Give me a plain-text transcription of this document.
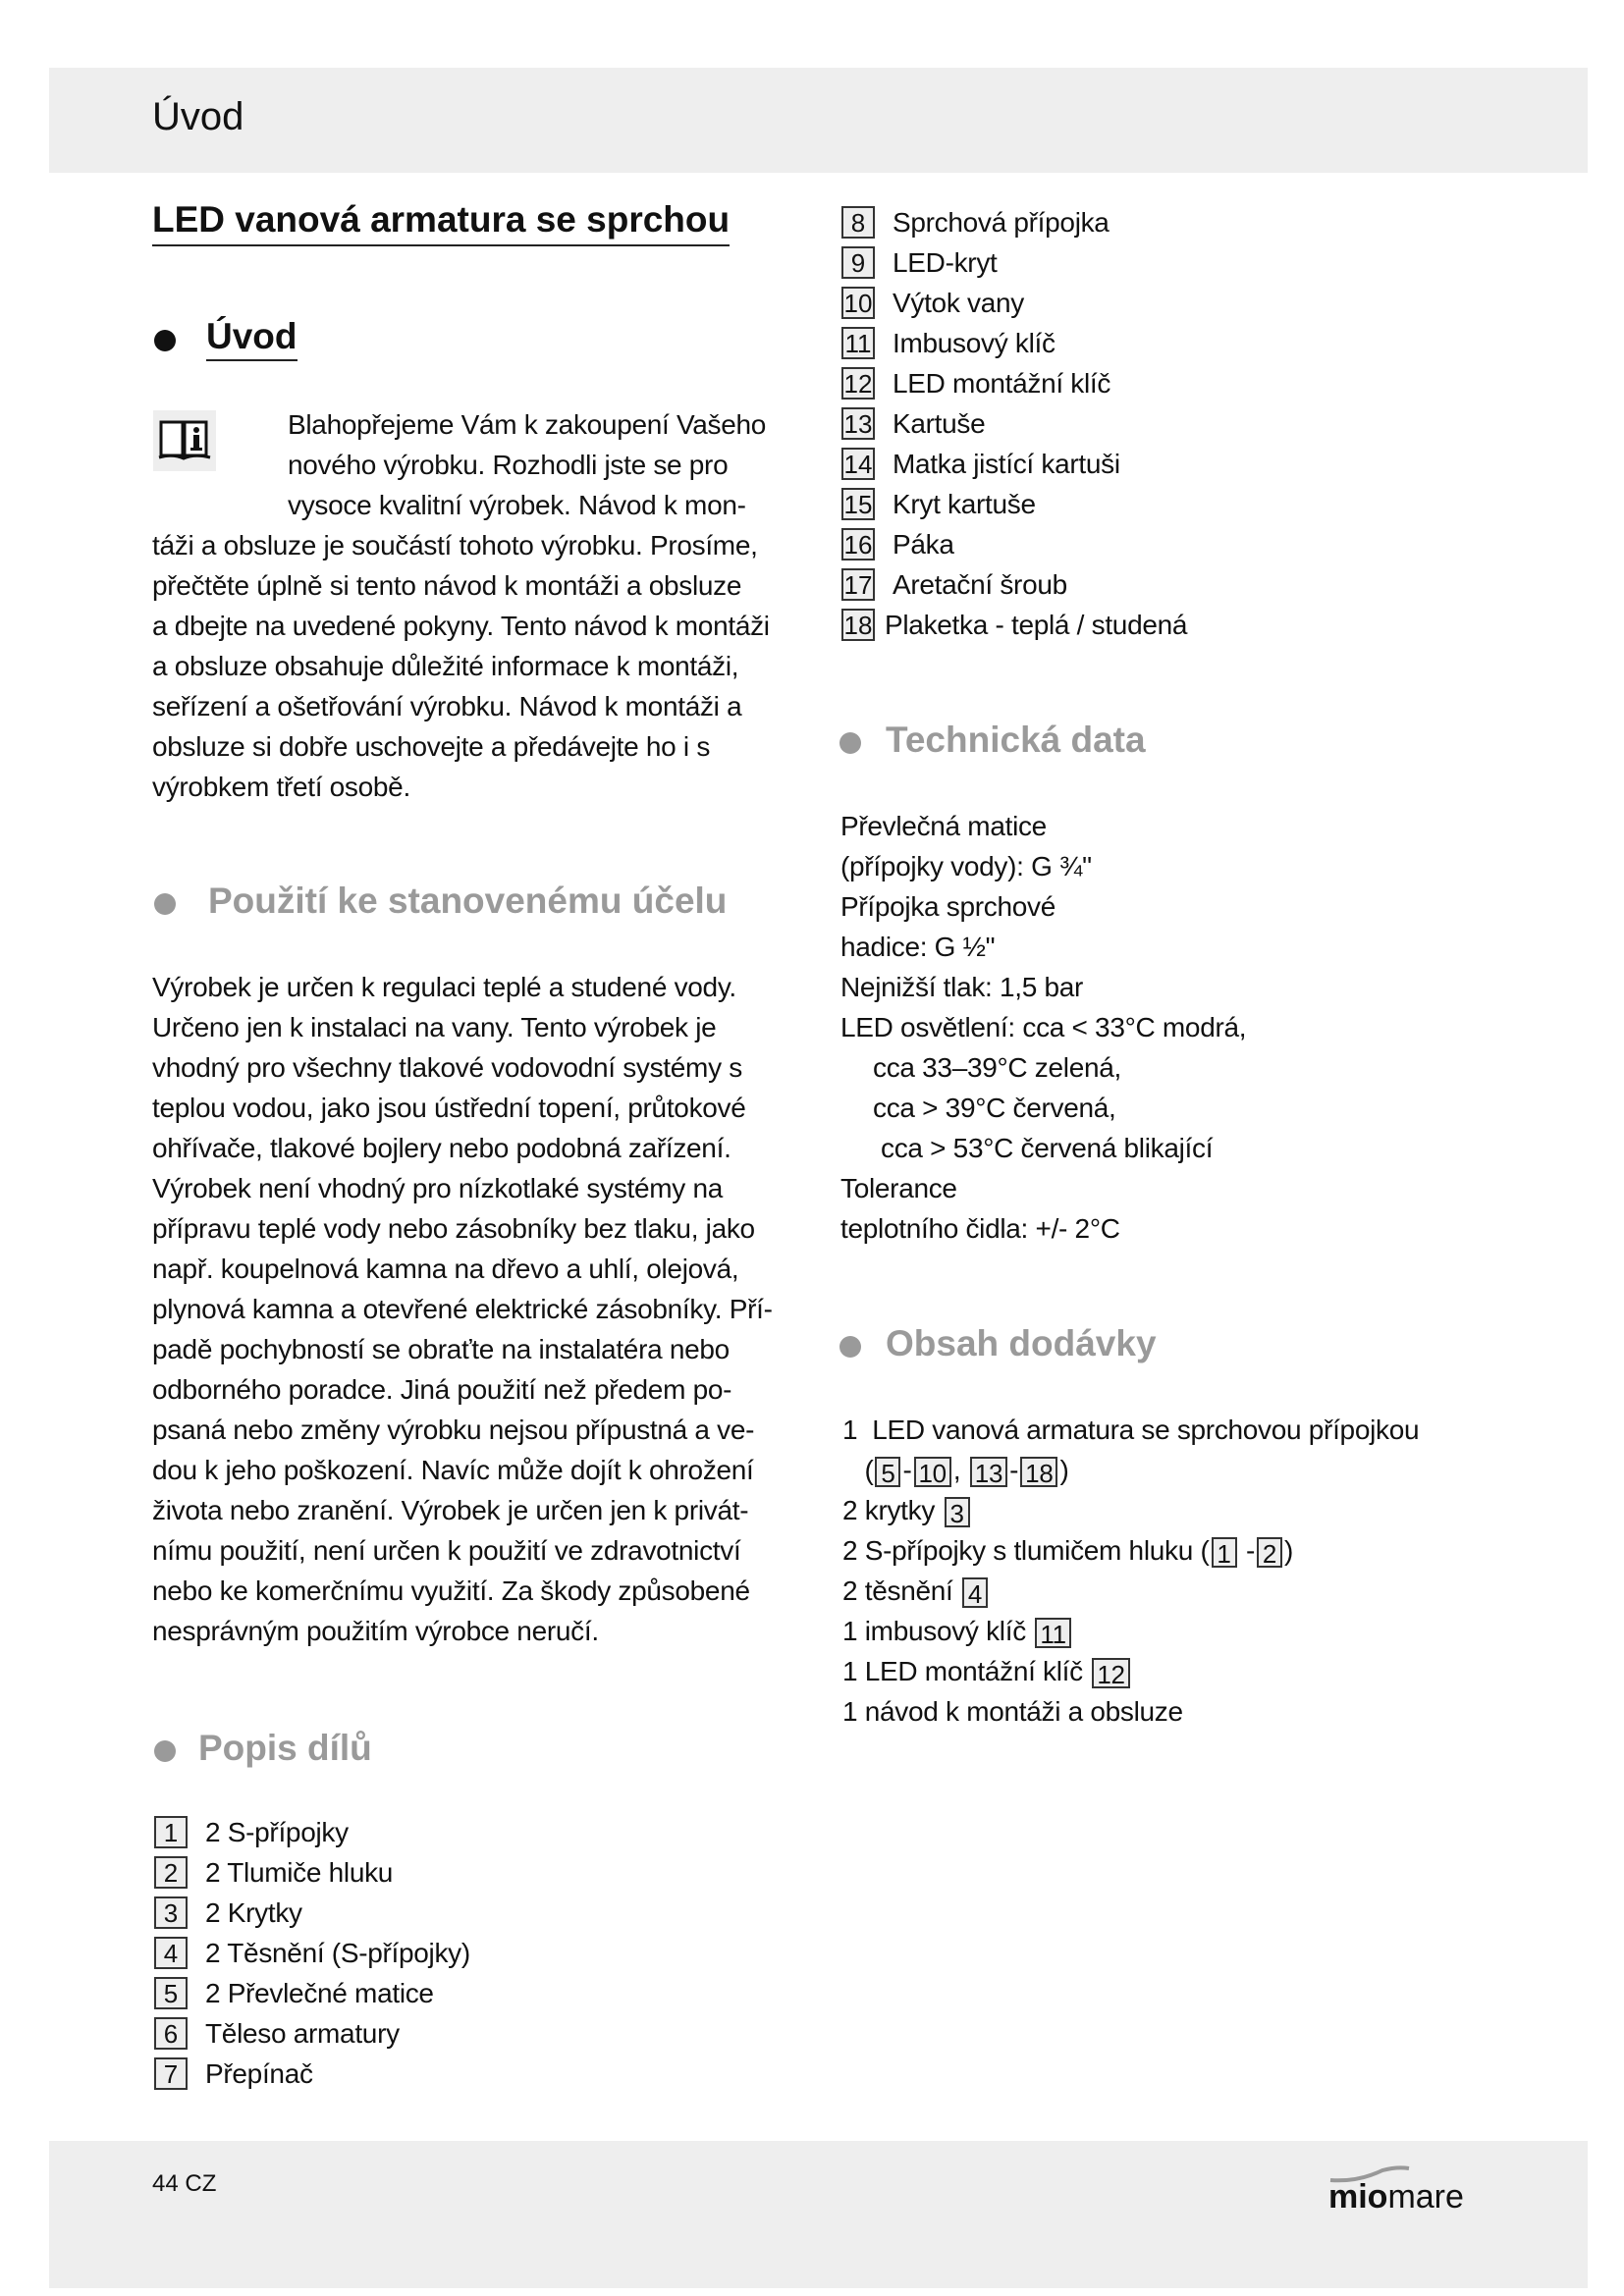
Úvod
LED vanová armatura se sprchou
Úvod
Blahopřejeme Vám k zakoupení Vašeho
nového výrobku. Rozhodli jste se pro
vysoce kvalitní výrobek. Návod k mon-
táži a obsluze je součástí tohoto výrobku. Prosíme,
přečtěte úplně si tento návod k montáži a obsluze
a dbejte na uvedené pokyny. Tento návod k montáži
a obsluze obsahuje důležité informace k montáži,
seřízení a ošetřování výrobku. Návod k montáži a
obsluze si dobře uschovejte a předávejte ho i s
výrobkem třetí osobě.
Použití ke stanovenému účelu
Výrobek je určen k regulaci teplé a studené vody.
Určeno jen k instalaci na vany. Tento výrobek je
vhodný pro všechny tlakové vodovodní systémy s
teplou vodou, jako jsou ústřední topení, průtokové
ohřívače, tlakové bojlery nebo podobná zařízení.
Výrobek není vhodný pro nízkotlaké systémy na
přípravu teplé vody nebo zásobníky bez tlaku, jako
např. koupelnová kamna na dřevo a uhlí, olejová,
plynová kamna a otevřené elektrické zásobníky. Pří-
padě pochybností se obraťte na instalatéra nebo
odborného poradce. Jiná použití než předem po-
psaná nebo změny výrobku nejsou přípustná a ve-
dou k jeho poškození. Navíc může dojít k ohrožení
života nebo zranění. Výrobek je určen jen k privát-
nímu použití, není určen k použití ve zdravotnictví
nebo ke komerčnímu využití. Za škody způsobené
nesprávným použitím výrobce neručí.
Popis dílů
1 2 S-přípojky
2 2 Tlumiče hluku
3 2 Krytky
4 2 Těsnění (S-přípojky)
5 2 Převlečné matice
6 Těleso armatury
7 Přepínač
8 Sprchová přípojka
9 LED-kryt
10 Výtok vany
11 Imbusový klíč
12 LED montážní klíč
13 Kartuše
14 Matka jistící kartuši
15 Kryt kartuše
16 Páka
17 Aretační šroub
18 Plaketka - teplá / studená
Technická data
Převlečná matice
(přípojky vody): G ¾"
Přípojka sprchové
hadice: G ½"
Nejnižší tlak: 1,5 bar
LED osvětlení: cca < 33°C modrá,
cca 33–39°C zelená,
cca > 39°C červená,
cca > 53°C červená blikající
Tolerance
teplotního čidla: +/- 2°C
Obsah dodávky
1  LED vanová armatura se sprchovou přípojkou
( 5 - 10 , 13 - 18 )
2 krytky 3
2 S-přípojky s tlumičem hluku ( 1 - 2 )
2 těsnění 4
1 imbusový klíč 11
1 LED montážní klíč 12
1 návod k montáži a obsluze
44 CZ	miomare
